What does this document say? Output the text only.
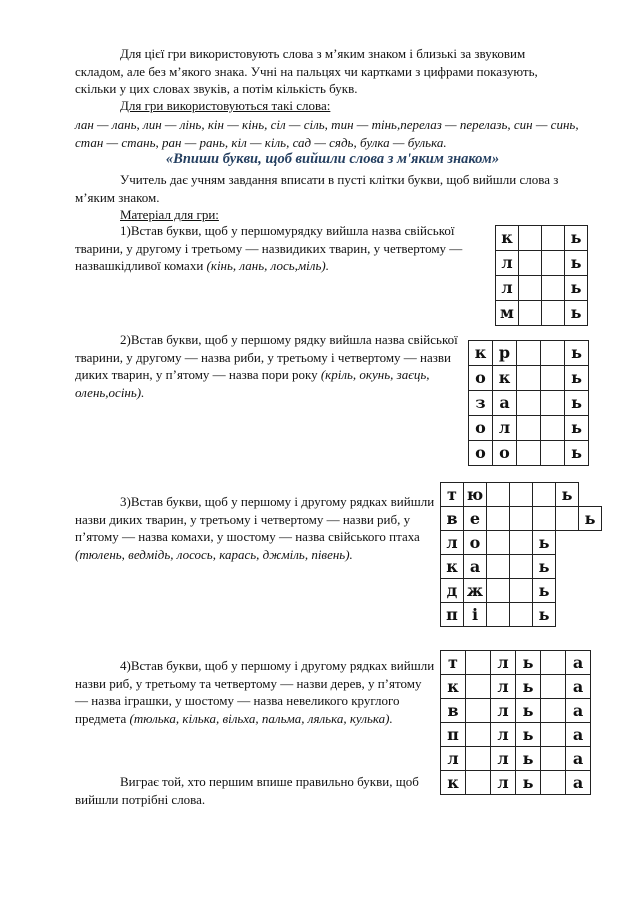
Для цієї гри використовують слова з м’яким знаком і близькі за звуковим складом, але без м’якого знака. Учні на пальцях чи картками з цифрами показують, скільки у цих словах звуків, а потім кількість букв.

Для гри використовуються такі слова:

лан — лань, лин — лінь, кін — кінь, сіл — сіль, тин — тінь,перелаз — перелазь, син — синь, стан — стань, ран — рань, кіл — кіль, сад — сядь, булка — булька.

«Впиши букви, щоб вийшли слова з м'яким знаком»

Учитель дає учням завдання вписати в пусті клітки букви, щоб вийшли слова з м’яким знаком.

Матеріал для гри:

1)Встав букви, щоб у першомурядку вийшла назва свійської тварини, у другому і третьому — назвидиких тварин, у четвертому — назвашкідливої комахи (кінь, лань, лось,міль).

к			ь
л			ь
л			ь
м			ь

2)Встав букви, щоб у першому рядку вийшла назва свійської тварини, у другому — назва риби, у третьому і четвертому — назви диких тварин, у п’ятому — назва пори року (кріль, окунь, заєць, олень,осінь).

к	р			ь
о	к			ь
з	а			ь
о	л			ь
о	о			ь

3)Встав букви, щоб у першому і другому рядках вийшли назви диких тварин, у третьому і четвертому — назви риб, у п’ятому — назва комахи, у шостому — назва свійського птаха (тюлень, ведмідь, лосось, карась, джміль, півень).

т	ю				ь	
в	е					ь
л	о			ь		
к	а			ь		
д	ж			ь		
п	і			ь		

4)Встав букви, щоб у першому і другому рядках вийшли назви риб, у третьому та четвертому — назви дерев, у п’ятому — назва іграшки, у шостому — назва невеликого круглого предмета (тюлька, кілька, вільха, пальма, лялька, кулька).

т		л	ь		а
к		л	ь		а
в		л	ь		а
п		л	ь		а
л		л	ь		а
к		л	ь		а

Виграє той, хто першим впише правильно букви, щоб вийшли потрібні слова.
